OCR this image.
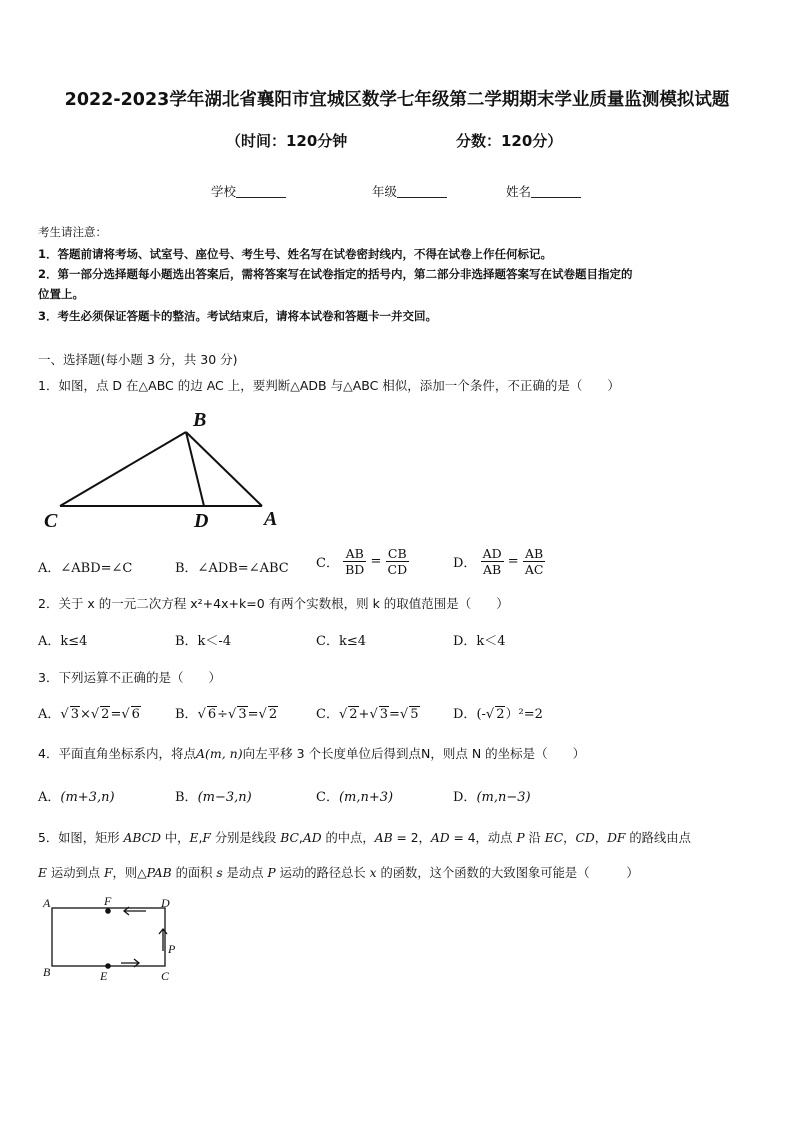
2022-2023学年湖北省襄阳市宜城区数学七年级第二学期期末学业质量监测模拟试题
（时间：120分钟	分数：120分）
学校	年级	姓名
考生请注意：
1．答题前请将考场、试室号、座位号、考生号、姓名写在试卷密封线内，不得在试卷上作任何标记。
2．第一部分选择题每小题选出答案后，需将答案写在试卷指定的括号内，第二部分非选择题答案写在试卷题目指定的
位置上。
3．考生必须保证答题卡的整洁。考试结束后，请将本试卷和答题卡一并交回。
一、选择题(每小题 3 分，共 30 分)
1．如图，点 D 在△ABC 的边 AC 上，要判断△ADB 与△ABC 相似，添加一个条件，不正确的是（　　）
B
C	D	A
A．∠ABD=∠C	B．∠ADB=∠ABC C． $\frac{AB}{BD} = \frac{CB}{CD}$	D． $\frac{AD}{AB} = \frac{AB}{AC}$
2．关于 x 的一元二次方程 x²+4x+k=0 有两个实数根，则 k 的取值范围是（　　）
A．k≤4	B．k＜-4	C．k≤4	D．k＜4
3．下列运算不正确的是（　　）
A．√ 3×√ 2=√ 6	B．√ 6÷√ 3=√ 2	C．√ 2+√ 3=√ 5	D．(-√ 2）²=2
4．平面直角坐标系内，将点A(m, n)向左平移 3 个长度单位后得到点N，则点 N 的坐标是（　　）
A．(m+3,n)	B．(m−3,n)	C．(m,n+3)	D．(m,n−3)
5．如图，矩形 ABCD 中，E,F 分别是线段 BC,AD 的中点，AB = 2，AD = 4，动点 P 沿 EC，CD，DF 的路线由点
E 运动到点 F，则△PAB 的面积 s 是动点 P 运动的路径总长 x 的函数，这个函数的大致图象可能是（　　　）
A	F	D
P
B	E	C
